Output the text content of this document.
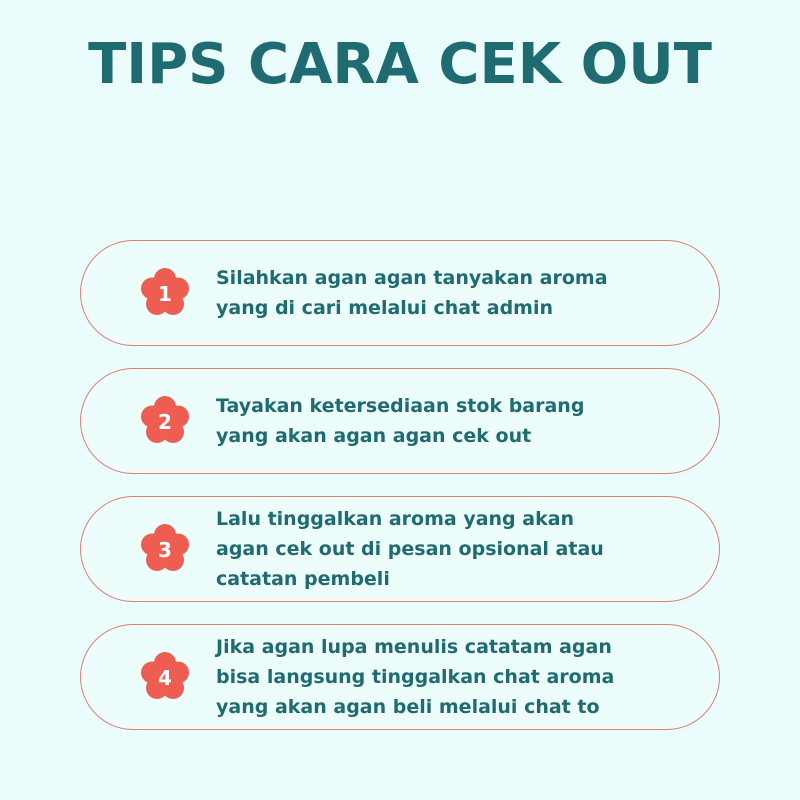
TIPS CARA CEK OUT
1
Silahkan agan agan tanyakan aroma
yang di cari melalui chat admin
2
Tayakan ketersediaan stok barang
yang akan agan agan cek out
3
Lalu tinggalkan aroma yang akan
agan cek out di pesan opsional atau
catatan pembeli
4
Jika agan lupa menulis catatam agan
bisa langsung tinggalkan chat aroma
yang akan agan beli melalui chat to
